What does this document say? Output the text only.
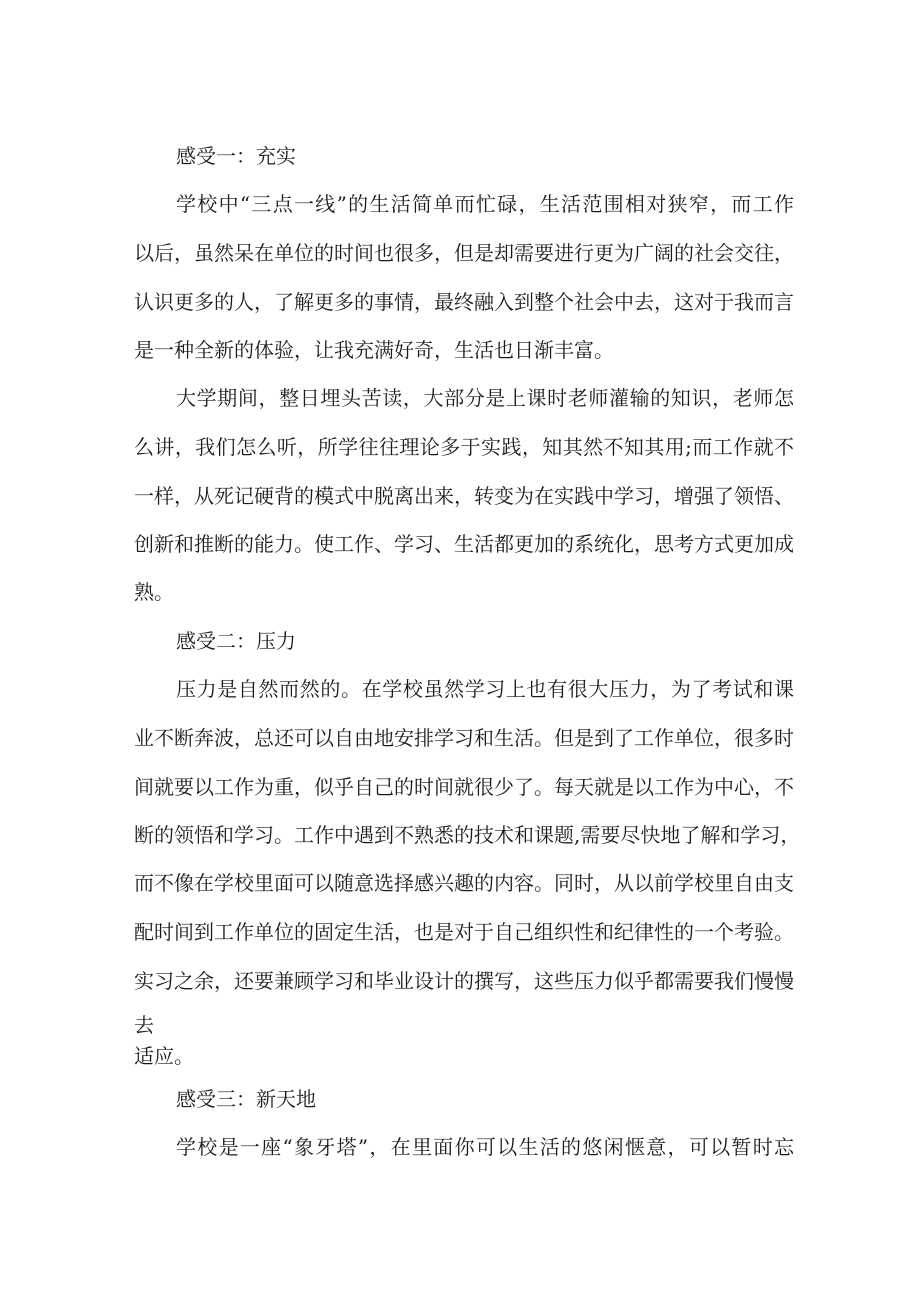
感受一：充实
学校中“三点一线”的生活简单而忙碌，生活范围相对狭窄，而工作
以后，虽然呆在单位的时间也很多，但是却需要进行更为广阔的社会交往，
认识更多的人，了解更多的事情，最终融入到整个社会中去，这对于我而言
是一种全新的体验，让我充满好奇，生活也日渐丰富。
大学期间，整日埋头苦读，大部分是上课时老师灌输的知识，老师怎
么讲，我们怎么听，所学往往理论多于实践，知其然不知其用;而工作就不
一样，从死记硬背的模式中脱离出来，转变为在实践中学习，增强了领悟、
创新和推断的能力。使工作、学习、生活都更加的系统化，思考方式更加成
熟。
感受二：压力
压力是自然而然的。在学校虽然学习上也有很大压力，为了考试和课
业不断奔波，总还可以自由地安排学习和生活。但是到了工作单位，很多时
间就要以工作为重，似乎自己的时间就很少了。每天就是以工作为中心，不
断的领悟和学习。工作中遇到不熟悉的技术和课题,需要尽快地了解和学习，
而不像在学校里面可以随意选择感兴趣的内容。同时，从以前学校里自由支
配时间到工作单位的固定生活，也是对于自己组织性和纪律性的一个考验。
实习之余，还要兼顾学习和毕业设计的撰写，这些压力似乎都需要我们慢慢
去
适应。
感受三：新天地
学校是一座“象牙塔”，在里面你可以生活的悠闲惬意，可以暂时忘
